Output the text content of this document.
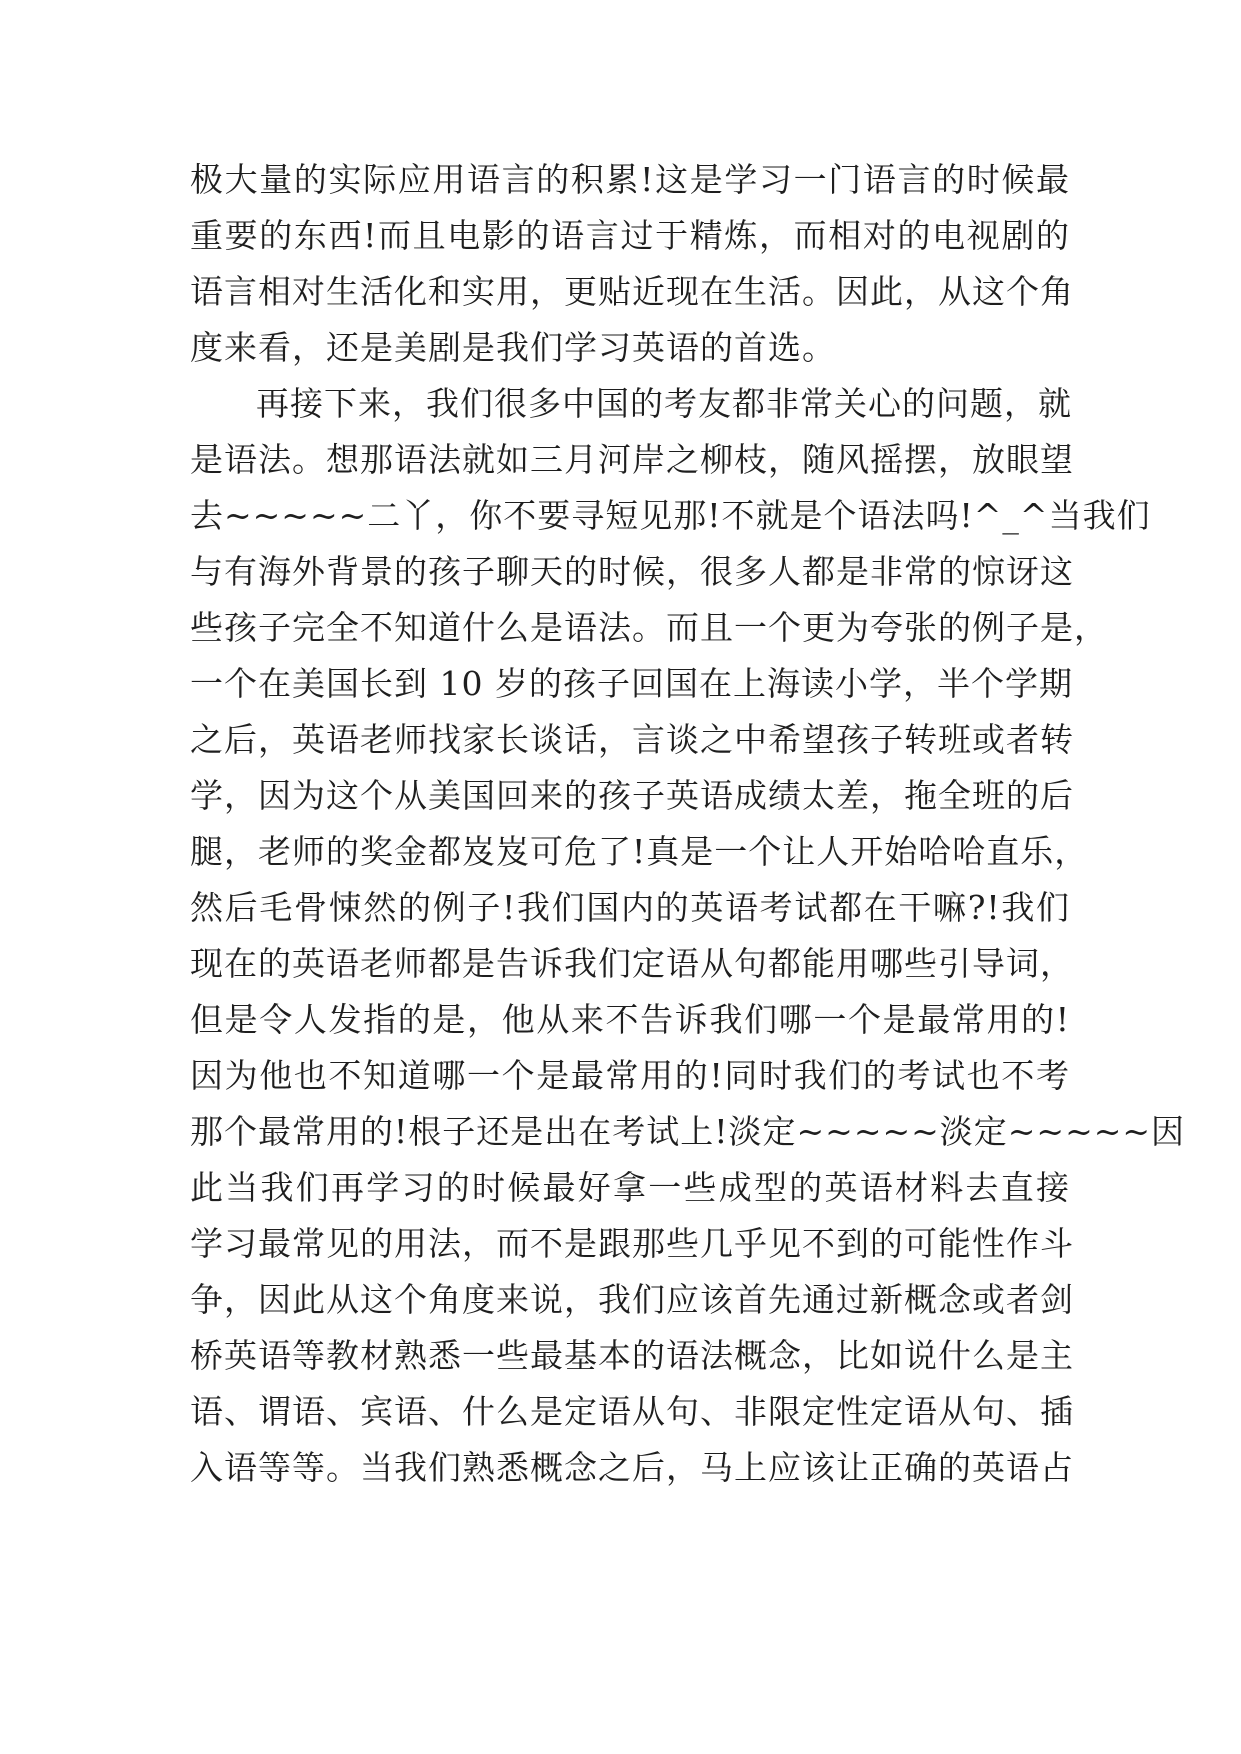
极大量的实际应用语言的积累!这是学习一门语言的时候最
重要的东西!而且电影的语言过于精炼，而相对的电视剧的
语言相对生活化和实用，更贴近现在生活。因此，从这个角
度来看，还是美剧是我们学习英语的首选。
再接下来，我们很多中国的考友都非常关心的问题，就
是语法。想那语法就如三月河岸之柳枝，随风摇摆，放眼望
去~~~~~二丫，你不要寻短见那!不就是个语法吗!^_^当我们
与有海外背景的孩子聊天的时候，很多人都是非常的惊讶这
些孩子完全不知道什么是语法。而且一个更为夸张的例子是，
一个在美国长到 10 岁的孩子回国在上海读小学，半个学期
之后，英语老师找家长谈话，言谈之中希望孩子转班或者转
学，因为这个从美国回来的孩子英语成绩太差，拖全班的后
腿，老师的奖金都岌岌可危了!真是一个让人开始哈哈直乐，
然后毛骨悚然的例子!我们国内的英语考试都在干嘛?!我们
现在的英语老师都是告诉我们定语从句都能用哪些引导词，
但是令人发指的是，他从来不告诉我们哪一个是最常用的!
因为他也不知道哪一个是最常用的!同时我们的考试也不考
那个最常用的!根子还是出在考试上!淡定~~~~~淡定~~~~~因
此当我们再学习的时候最好拿一些成型的英语材料去直接
学习最常见的用法，而不是跟那些几乎见不到的可能性作斗
争，因此从这个角度来说，我们应该首先通过新概念或者剑
桥英语等教材熟悉一些最基本的语法概念，比如说什么是主
语、谓语、宾语、什么是定语从句、非限定性定语从句、插
入语等等。当我们熟悉概念之后，马上应该让正确的英语占
